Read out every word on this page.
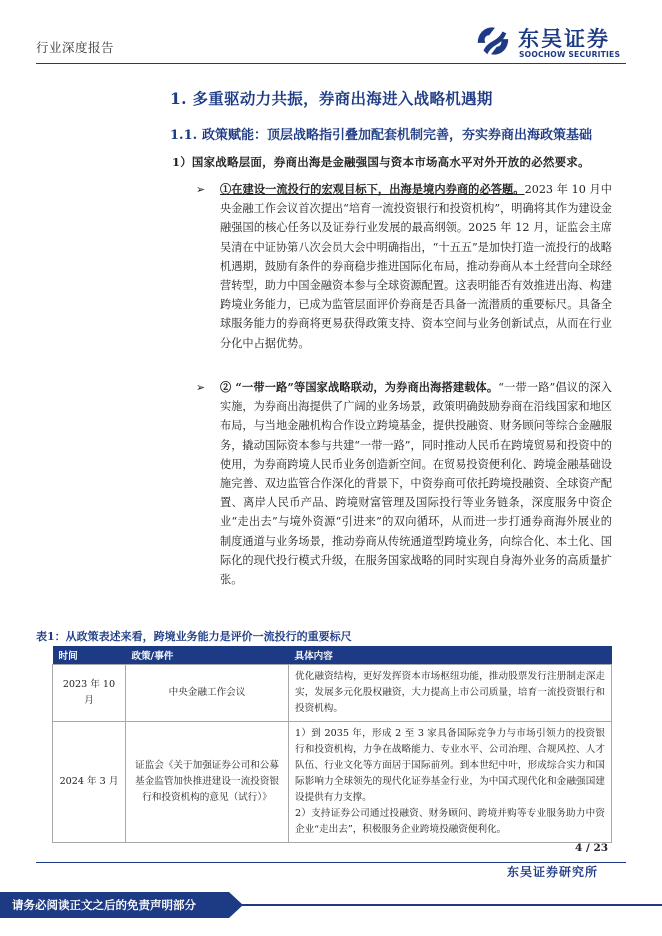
行业深度报告	东吴证券
SOOCHOW SECURITIES
1. 多重驱动力共振，券商出海进入战略机遇期
1.1. 政策赋能：顶层战略指引叠加配套机制完善，夯实券商出海政策基础
1）国家战略层面，券商出海是金融强国与资本市场高水平对外开放的必然要求。
➢ ①在建设一流投行的宏观目标下，出海是境内券商的必答题。2023 年 10 月中央金融工作会议首次提出“培育一流投资银行和投资机构”，明确将其作为建设金融强国的核心任务以及证券行业发展的最高纲领。2025 年 12 月，证监会主席吴清在中证协第八次会员大会中明确指出，“十五五”是加快打造一流投行的战略机遇期，鼓励有条件的券商稳步推进国际化布局，推动券商从本土经营向全球经营转型，助力中国金融资本参与全球资源配置。这表明能否有效推进出海、构建跨境业务能力，已成为监管层面评价券商是否具备一流潜质的重要标尺。具备全球服务能力的券商将更易获得政策支持、资本空间与业务创新试点，从而在行业分化中占据优势。
➢ ② “一带一路”等国家战略联动，为券商出海搭建载体。“一带一路”倡议的深入实施，为券商出海提供了广阔的业务场景，政策明确鼓励券商在沿线国家和地区布局，与当地金融机构合作设立跨境基金，提供投融资、财务顾问等综合金融服务，撬动国际资本参与共建“一带一路”，同时推动人民币在跨境贸易和投资中的使用，为券商跨境人民币业务创造新空间。在贸易投资便利化、跨境金融基础设施完善、双边监管合作深化的背景下，中资券商可依托跨境投融资、全球资产配置、离岸人民币产品、跨境财富管理及国际投行等业务链条，深度服务中资企业“走出去”与境外资源“引进来”的双向循环，从而进一步打通券商海外展业的制度通道与业务场景，推动券商从传统通道型跨境业务，向综合化、本土化、国际化的现代投行模式升级，在服务国家战略的同时实现自身海外业务的高质量扩张。
表1：从政策表述来看，跨境业务能力是评价一流投行的重要标尺
时间	政策/事件	具体内容
2023 年 10 月	中央金融工作会议	优化融资结构，更好发挥资本市场枢纽功能，推动股票发行注册制走深走实，发展多元化股权融资，大力提高上市公司质量，培育一流投资银行和投资机构。
2024 年 3 月	证监会《关于加强证券公司和公募基金监管加快推进建设一流投资银行和投资机构的意见（试行）》	1）到 2035 年，形成 2 至 3 家具备国际竞争力与市场引领力的投资银行和投资机构，力争在战略能力、专业水平、公司治理、合规风控、人才队伍、行业文化等方面居于国际前列。到本世纪中叶，形成综合实力和国际影响力全球领先的现代化证券基金行业，为中国式现代化和金融强国建设提供有力支撑。
2）支持证券公司通过投融资、财务顾问、跨境并购等专业服务助力中资企业“走出去”，积极服务企业跨境投融资便利化。
4 / 23
东吴证券研究所
请务必阅读正文之后的免责声明部分
